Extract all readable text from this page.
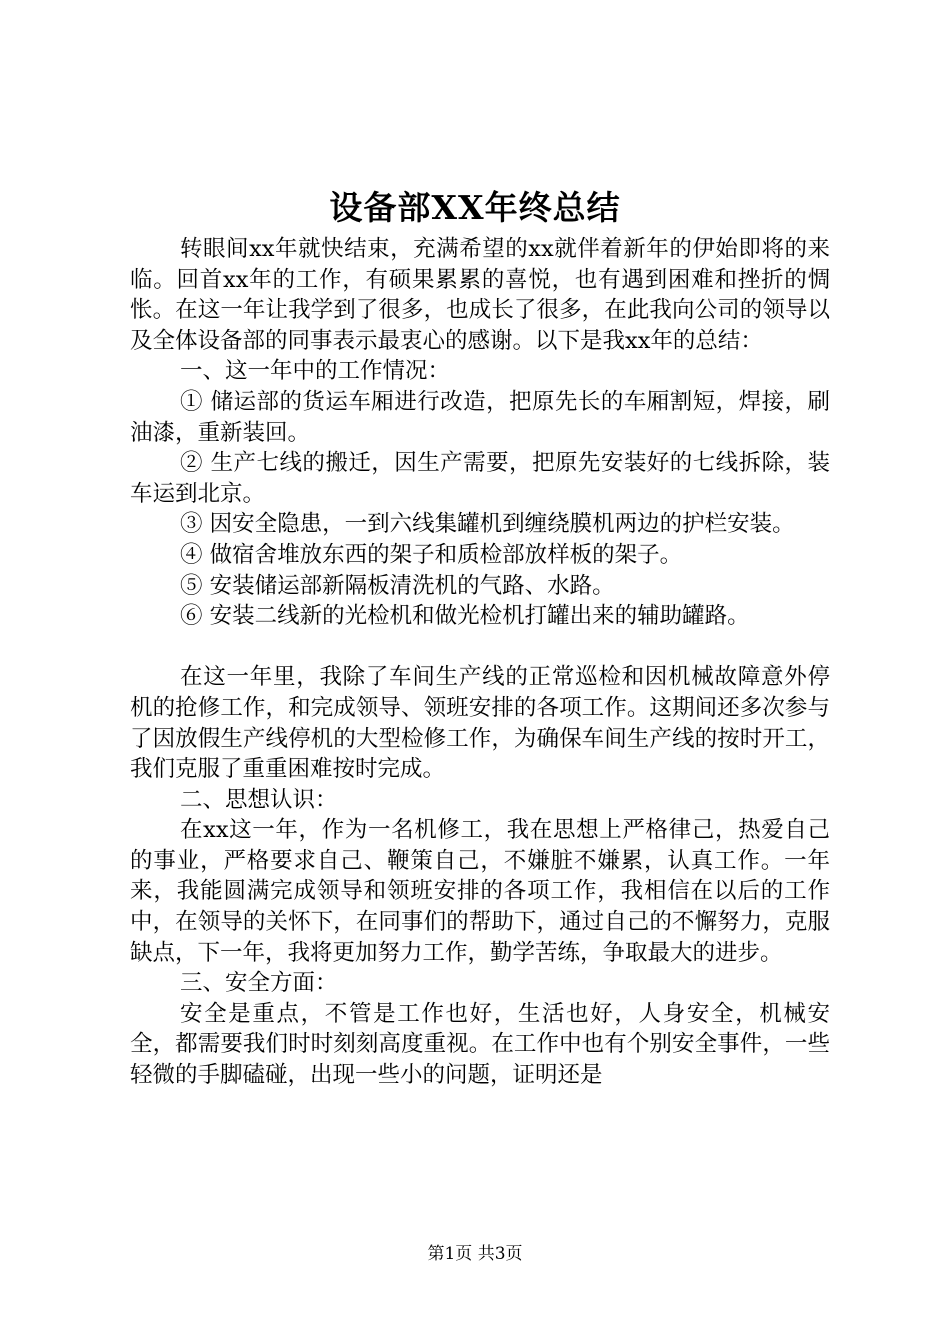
设备部XX年终总结

转眼间xx年就快结束，充满希望的xx就伴着新年的伊始即将的来临。回首xx年的工作，有硕果累累的喜悦，也有遇到困难和挫折的惆怅。在这一年让我学到了很多，也成长了很多，在此我向公司的领导以及全体设备部的同事表示最衷心的感谢。以下是我xx年的总结：

一、这一年中的工作情况：

① 储运部的货运车厢进行改造，把原先长的车厢割短，焊接，刷油漆，重新装回。

② 生产七线的搬迁，因生产需要，把原先安装好的七线拆除，装车运到北京。

③ 因安全隐患，一到六线集罐机到缠绕膜机两边的护栏安装。

④ 做宿舍堆放东西的架子和质检部放样板的架子。

⑤ 安装储运部新隔板清洗机的气路、水路。

⑥ 安装二线新的光检机和做光检机打罐出来的辅助罐路。

在这一年里，我除了车间生产线的正常巡检和因机械故障意外停机的抢修工作，和完成领导、领班安排的各项工作。这期间还多次参与了因放假生产线停机的大型检修工作，为确保车间生产线的按时开工，我们克服了重重困难按时完成。

二、思想认识：

在xx这一年，作为一名机修工，我在思想上严格律己，热爱自己的事业，严格要求自己、鞭策自己，不嫌脏不嫌累，认真工作。一年来，我能圆满完成领导和领班安排的各项工作，我相信在以后的工作中，在领导的关怀下，在同事们的帮助下，通过自己的不懈努力，克服缺点，下一年，我将更加努力工作，勤学苦练，争取最大的进步。

三、安全方面：

安全是重点，不管是工作也好，生活也好，人身安全，机械安全，都需要我们时时刻刻高度重视。在工作中也有个别安全事件，一些轻微的手脚磕碰，出现一些小的问题，证明还是

第1页 共3页
